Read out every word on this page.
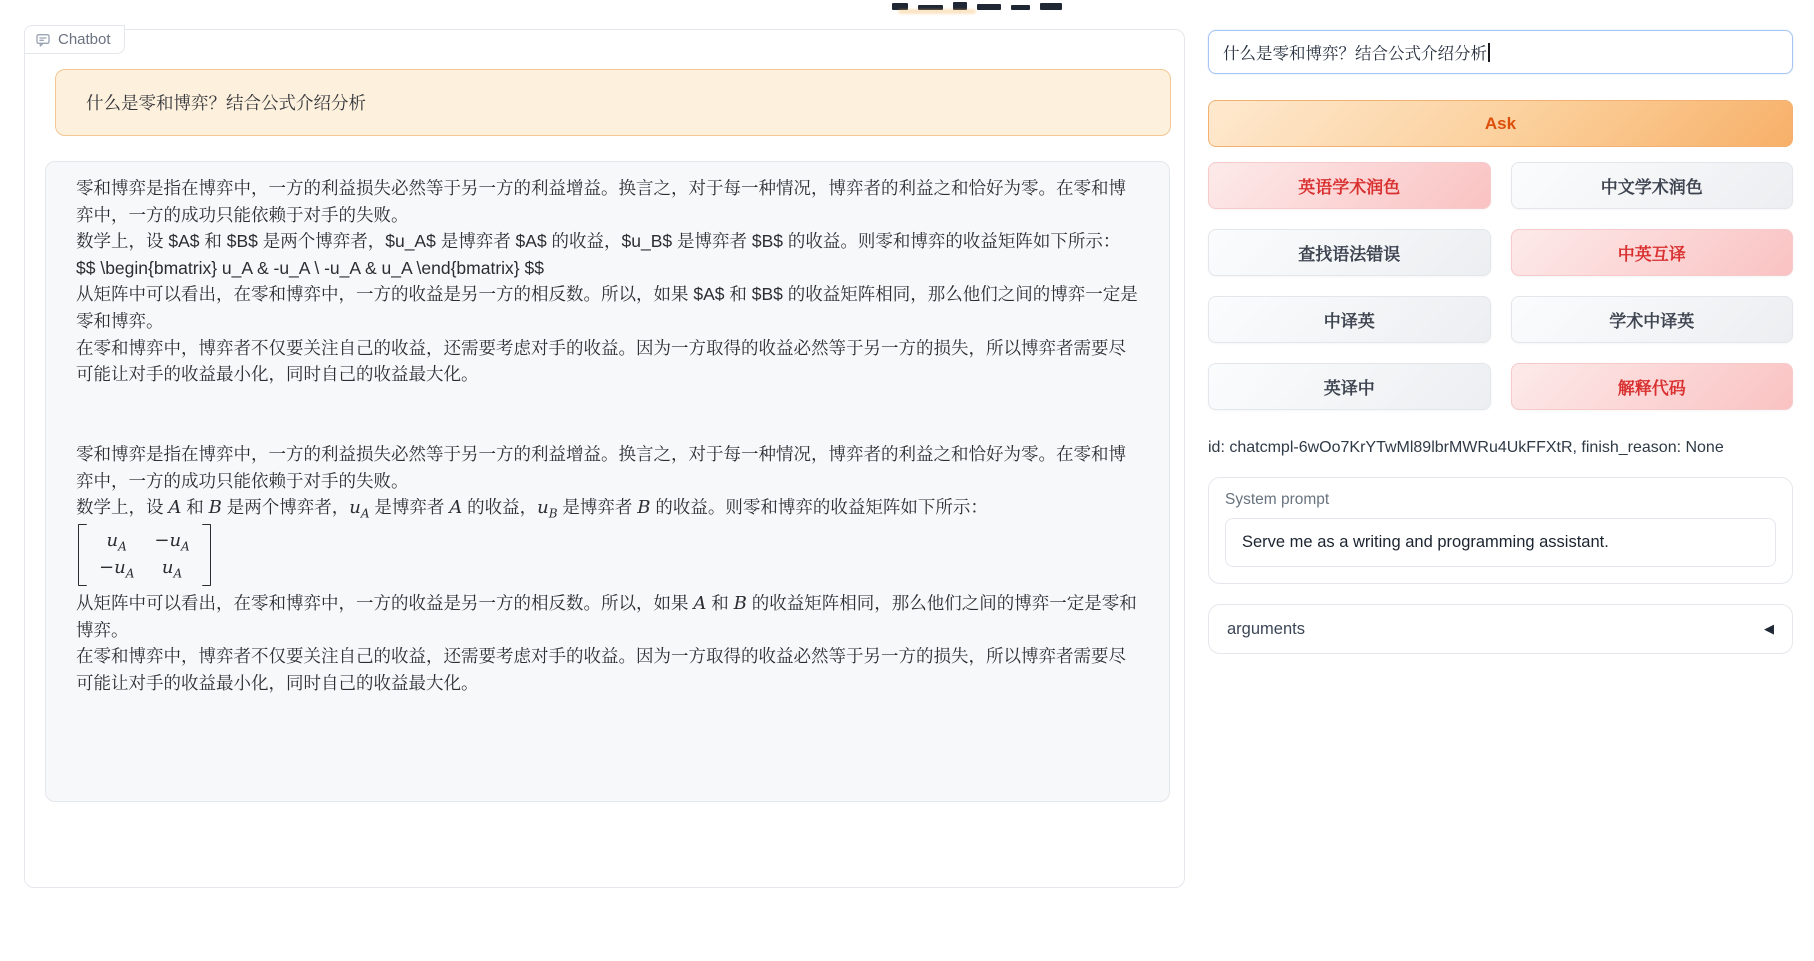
Chatbot
什么是零和博弈？结合公式介绍分析

零和博弈是指在博弈中，一方的利益损失必然等于另一方的利益增益。换言之，对于每一种情况，博弈者的利益之和恰好为零。在零和博弈中，一方的成功只能依赖于对手的失败。

数学上，设 $A$ 和 $B$ 是两个博弈者，$u_A$ 是博弈者 $A$ 的收益，$u_B$ 是博弈者 $B$ 的收益。则零和博弈的收益矩阵如下所示：

$$ \begin{bmatrix} u_A & -u_A \ -u_A & u_A \end{bmatrix} $$

从矩阵中可以看出，在零和博弈中，一方的收益是另一方的相反数。所以，如果 $A$ 和 $B$ 的收益矩阵相同，那么他们之间的博弈一定是零和博弈。

在零和博弈中，博弈者不仅要关注自己的收益，还需要考虑对手的收益。因为一方取得的收益必然等于另一方的损失，所以博弈者需要尽可能让对手的收益最小化，同时自己的收益最大化。

零和博弈是指在博弈中，一方的利益损失必然等于另一方的利益增益。换言之，对于每一种情况，博弈者的利益之和恰好为零。在零和博弈中，一方的成功只能依赖于对手的失败。

数学上，设 A 和 B 是两个博弈者，$u_A$ 是博弈者 A 的收益，$u_B$ 是博弈者 B 的收益。则零和博弈的收益矩阵如下所示：

$u_A$	$-u_A$
$-u_A$	$u_A$

从矩阵中可以看出，在零和博弈中，一方的收益是另一方的相反数。所以，如果 A 和 B 的收益矩阵相同，那么他们之间的博弈一定是零和博弈。

在零和博弈中，博弈者不仅要关注自己的收益，还需要考虑对手的收益。因为一方取得的收益必然等于另一方的损失，所以博弈者需要尽可能让对手的收益最小化，同时自己的收益最大化。

什么是零和博弈？结合公式介绍分析
Ask
英语学术润色	中文学术润色
查找语法错误	中英互译
中译英	学术中译英
英译中	解释代码
id: chatcmpl-6wOo7KrYTwMl89lbrMWRu4UkFFXtR, finish_reason: None
System prompt
Serve me as a writing and programming assistant.
arguments	◀
